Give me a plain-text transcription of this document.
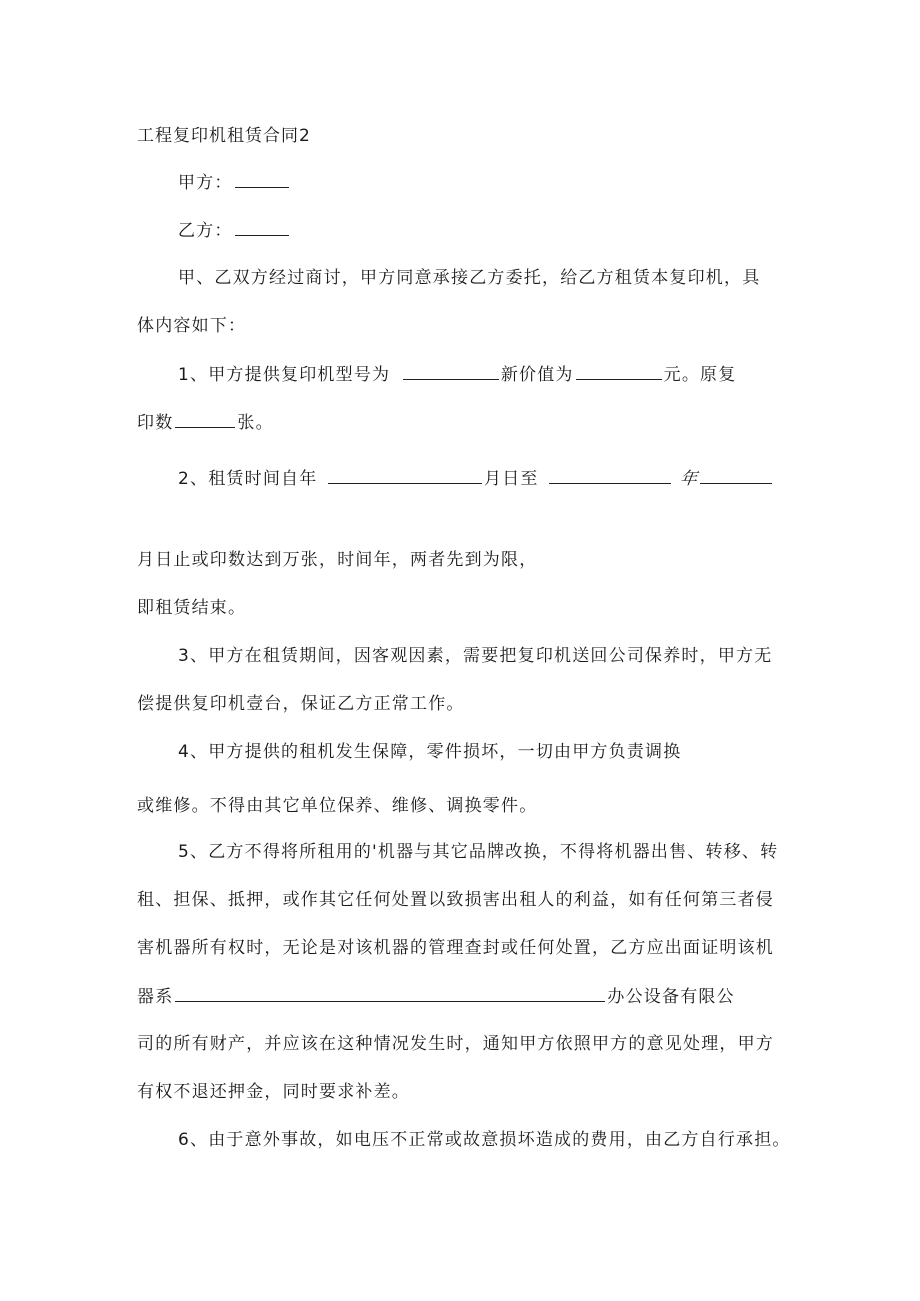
工程复印机租赁合同2
甲方：
乙方：
甲、乙双方经过商讨，甲方同意承接乙方委托，给乙方租赁本复印机，具
体内容如下：
1、甲方提供复印机型号为	新价值为	元。原复
印数	张。
2、租赁时间自年	月日至	年
月日止或印数达到万张，时间年，两者先到为限，
即租赁结束。
3、甲方在租赁期间，因客观因素，需要把复印机送回公司保养时，甲方无
偿提供复印机壹台，保证乙方正常工作。
4、甲方提供的租机发生保障，零件损坏，一切由甲方负责调换
或维修。不得由其它单位保养、维修、调换零件。
5、乙方不得将所租用的'机器与其它品牌改换，不得将机器出售、转移、转
租、担保、抵押，或作其它任何处置以致损害出租人的利益，如有任何第三者侵
害机器所有权时，无论是对该机器的管理查封或任何处置，乙方应出面证明该机
器系	办公设备有限公
司的所有财产，并应该在这种情况发生时，通知甲方依照甲方的意见处理，甲方
有权不退还押金，同时要求补差。
6、由于意外事故，如电压不正常或故意损坏造成的费用，由乙方自行承担。
